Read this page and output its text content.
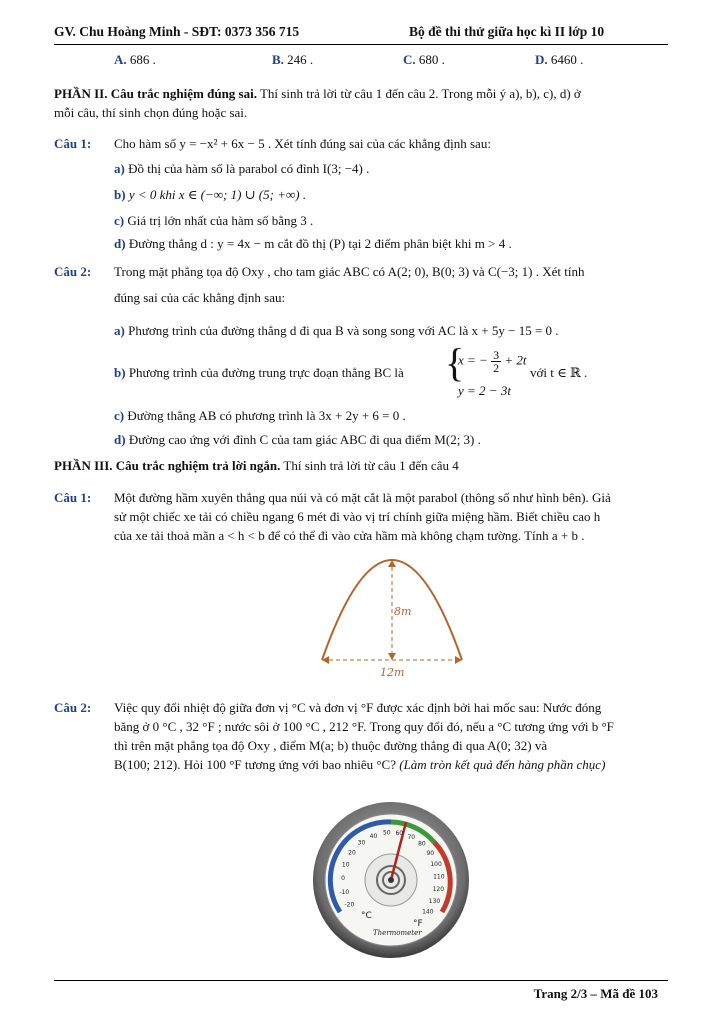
GV. Chu Hoàng Minh - SĐT: 0373 356 715	Bộ đề thi thử giữa học kì II lớp 10
A. 686 .	B. 246 .	C. 680 .	D. 6460 .
PHẦN II. Câu trắc nghiệm đúng sai. Thí sinh trả lời từ câu 1 đến câu 2. Trong mỗi ý a), b), c), d) ở
mỗi câu, thí sinh chọn đúng hoặc sai.
Câu 1: Cho hàm số y = −x² + 6x − 5 . Xét tính đúng sai của các khẳng định sau:
a) Đồ thị của hàm số là parabol có đỉnh I(3; −4) .
b) y < 0 khi x ∈ (−∞; 1) ∪ (5; +∞) .
c) Giá trị lớn nhất của hàm số bằng 3 .
d) Đường thẳng d : y = 4x − m cắt đồ thị (P) tại 2 điểm phân biệt khi m > 4 .
Câu 2: Trong mặt phẳng tọa độ Oxy , cho tam giác ABC có A(2; 0), B(0; 3) và C(−3; 1) . Xét tính
đúng sai của các khẳng định sau:
a) Phương trình của đường thẳng d đi qua B và song song với AC là x + 5y − 15 = 0 .
b) Phương trình của đường trung trực đoạn thẳng BC là {
x = − $\frac{3}{2} + 2t$
y = 2 − 3t
với t ∈ ℝ .
c) Đường thẳng AB có phương trình là 3x + 2y + 6 = 0 .
d) Đường cao ứng với đỉnh C của tam giác ABC đi qua điểm M(2; 3) .
PHẦN III. Câu trắc nghiệm trả lời ngắn. Thí sinh trả lời từ câu 1 đến câu 4
Câu 1: Một đường hầm xuyên thẳng qua núi và có mặt cắt là một parabol (thông số như hình bên). Giả
sử một chiếc xe tải có chiều ngang 6 mét đi vào vị trí chính giữa miệng hầm. Biết chiều cao h
của xe tải thoả mãn a < h < b để có thể đi vào cửa hầm mà không chạm tường. Tính a + b .
8m
12m
Câu 2: Việc quy đổi nhiệt độ giữa đơn vị °C và đơn vị °F được xác định bởi hai mốc sau: Nước đóng
băng ở 0 °C , 32 °F ; nước sôi ở 100 °C , 212 °F. Trong quy đổi đó, nếu a °C tương ứng với b °F
thì trên mặt phẳng tọa độ Oxy , điểm M(a; b) thuộc đường thẳng đi qua A(0; 32) và
B(100; 212). Hỏi 100 °F tương ứng với bao nhiêu °C? (Làm tròn kết quả đến hàng phần chục)
-20
-10
0
10
20
30
40 50 60
70
80
90
100
110
120
130
140
°C
°F
Thermometer
Trang 2/3 – Mã đề 103
